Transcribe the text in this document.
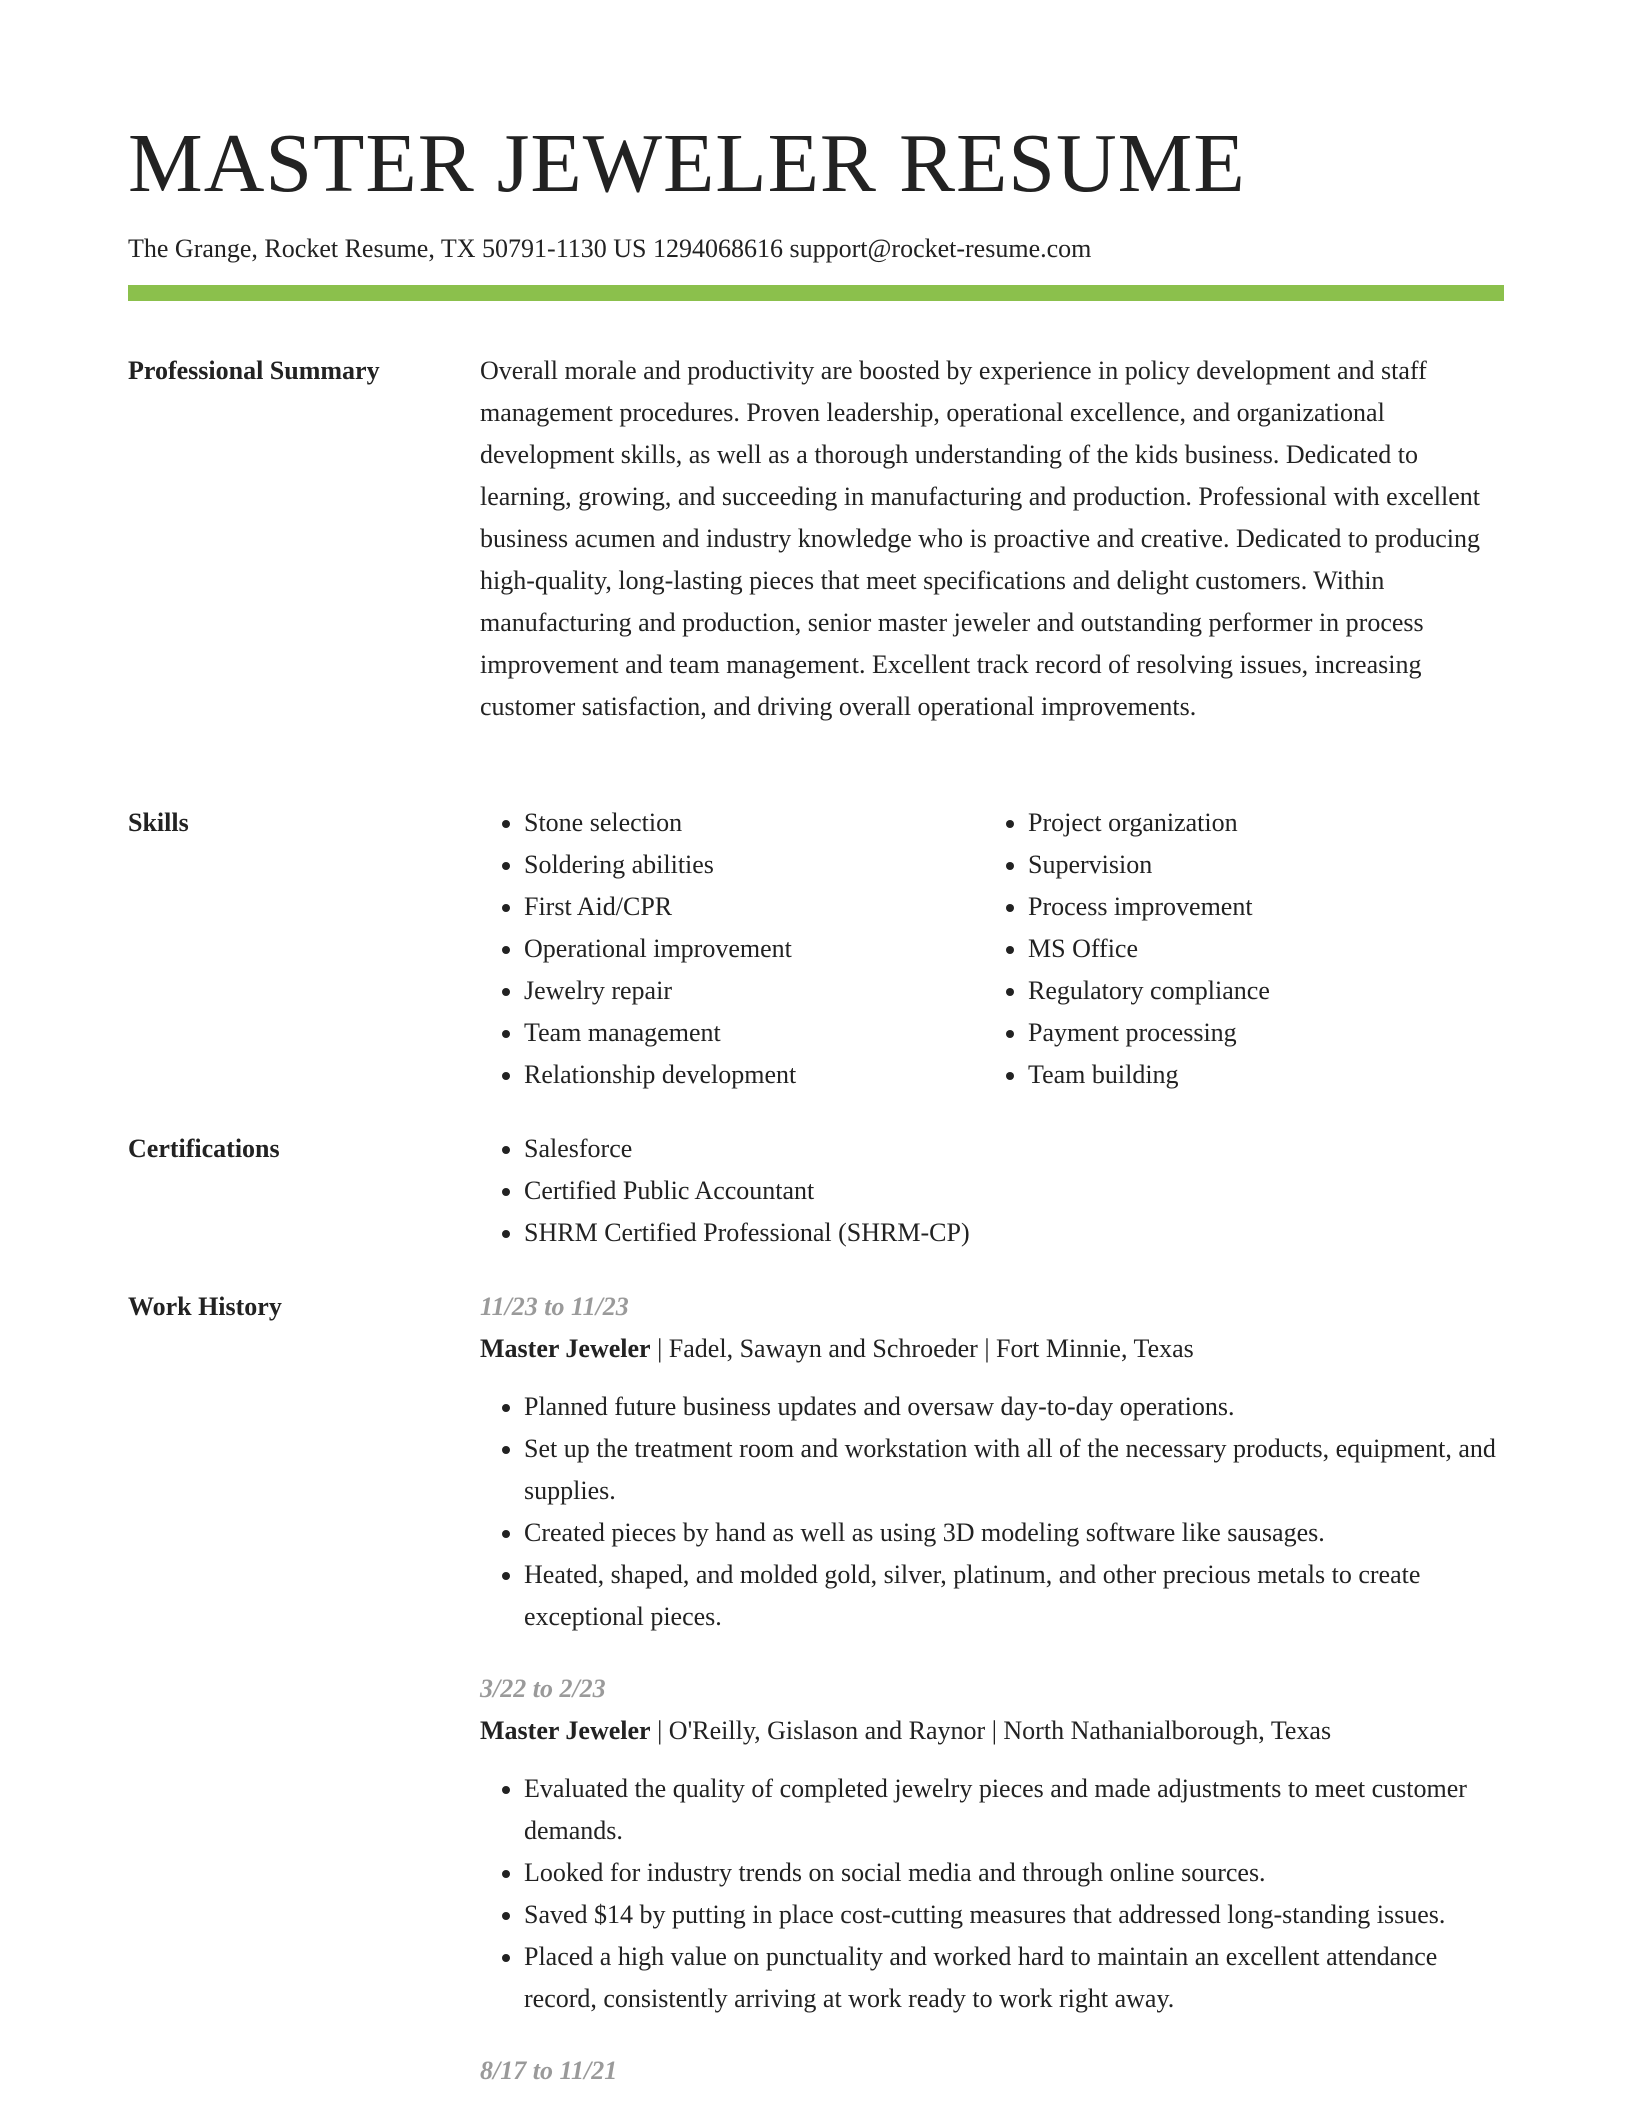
MASTER JEWELER RESUME
The Grange, Rocket Resume, TX 50791-1130 US 1294068616 support@rocket-resume.com
Professional Summary	Overall morale and productivity are boosted by experience in policy development and staff management procedures. Proven leadership, operational excellence, and organizational development skills, as well as a thorough understanding of the kids business. Dedicated to learning, growing, and succeeding in manufacturing and production. Professional with excellent business acumen and industry knowledge who is proactive and creative. Dedicated to producing high-quality, long-lasting pieces that meet specifications and delight customers. Within manufacturing and production, senior master jeweler and outstanding performer in process improvement and team management. Excellent track record of resolving issues, increasing customer satisfaction, and driving overall operational improvements.

Skills	• Stone selection
• Soldering abilities
• First Aid/CPR
• Operational improvement
• Jewelry repair
• Team management
• Relationship development
• Project organization
• Supervision
• Process improvement
• MS Office
• Regulatory compliance
• Payment processing
• Team building
Certifications	• Salesforce
• Certified Public Accountant
• SHRM Certified Professional (SHRM-CP)
Work History	11/23 to 11/23
Master Jeweler | Fadel, Sawayn and Schroeder | Fort Minnie, Texas
• Planned future business updates and oversaw day-to-day operations.
• Set up the treatment room and workstation with all of the necessary products, equipment, and supplies.
• Created pieces by hand as well as using 3D modeling software like sausages.
• Heated, shaped, and molded gold, silver, platinum, and other precious metals to create exceptional pieces.
3/22 to 2/23
Master Jeweler | O'Reilly, Gislason and Raynor | North Nathanialborough, Texas
• Evaluated the quality of completed jewelry pieces and made adjustments to meet customer demands.
• Looked for industry trends on social media and through online sources.
• Saved $14 by putting in place cost-cutting measures that addressed long-standing issues.
• Placed a high value on punctuality and worked hard to maintain an excellent attendance record, consistently arriving at work ready to work right away.
8/17 to 11/21
